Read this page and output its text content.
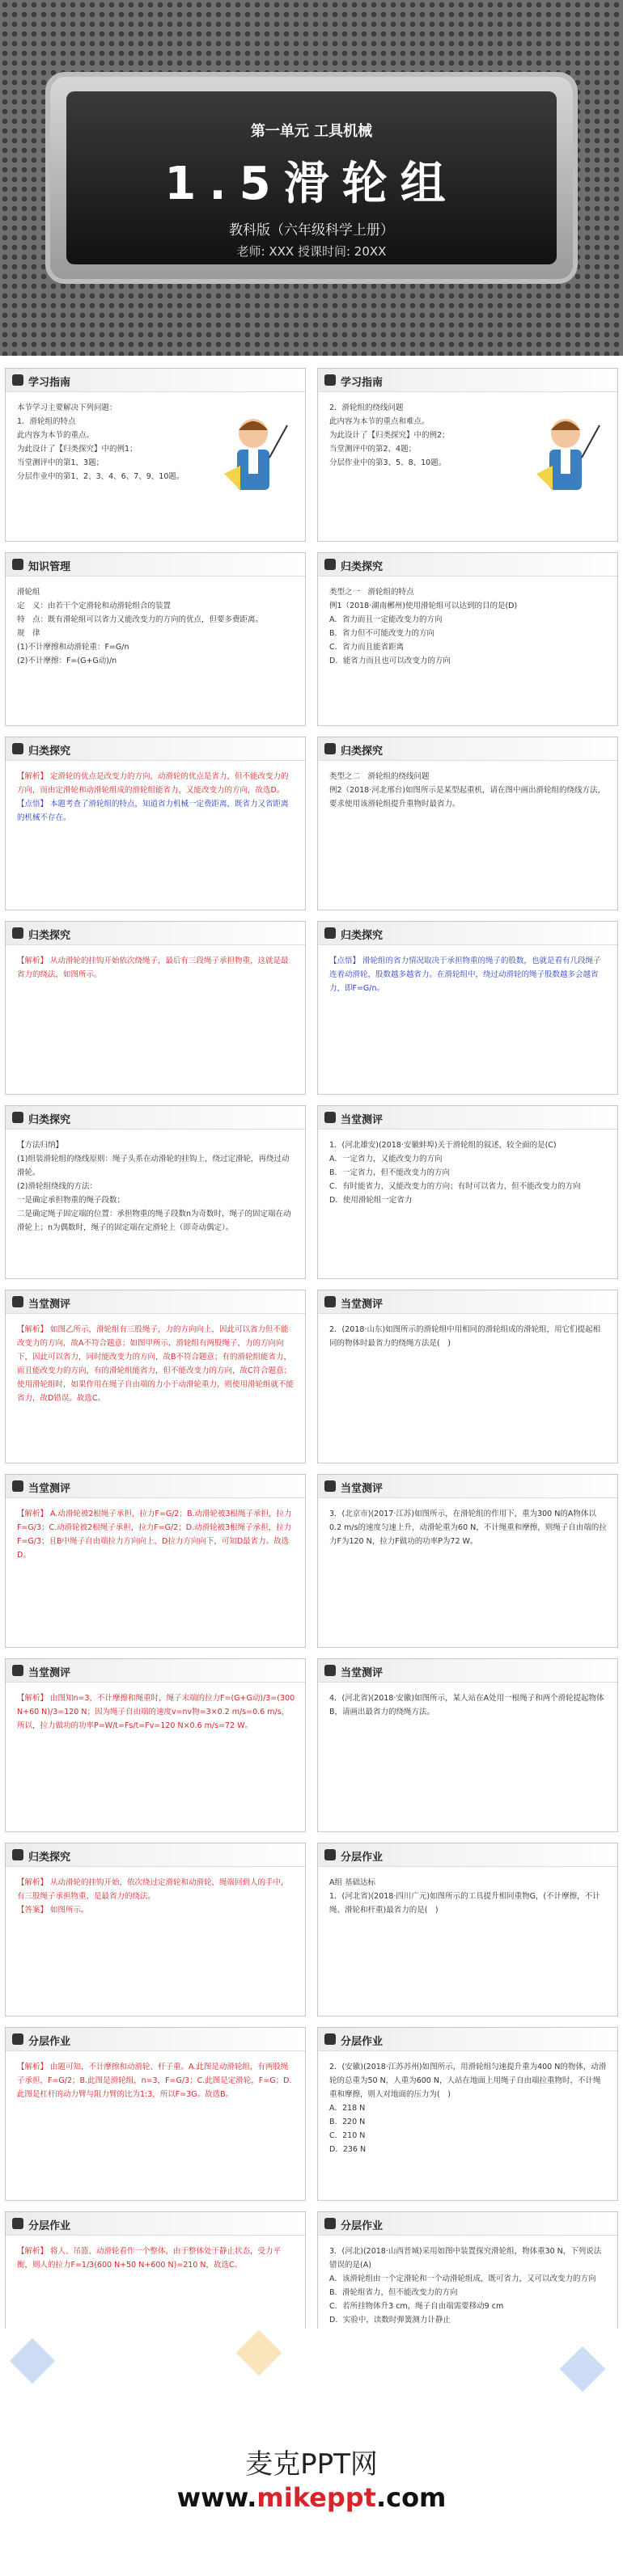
第一单元 工具机械
1.5滑轮组
教科版（六年级科学上册）
老师: XXX 授课时间: 20XX
学习指南
本节学习主要解决下列问题：
1．滑轮组的特点
此内容为本节的重点。
为此设计了【归类探究】中的例1；
当堂测评中的第1、3题；
分层作业中的第1、2、3、4、6、7、9、10题。
学习指南
2．滑轮组的绕线问题
此内容为本节的重点和难点。
为此设计了【归类探究】中的例2；
当堂测评中的第2、4题；
分层作业中的第3、5、8、10题。
知识管理
滑轮组
定　义：由若干个定滑轮和动滑轮组合的装置
特　点：既有滑轮组可以省力又能改变力的方向的优点，但要多费距离。
规　律
(1)不计摩擦和动滑轮重：F=G/n
(2)不计摩擦：F=(G+G动)/n
归类探究
类型之一　滑轮组的特点
例1（2018·湖南郴州)使用滑轮组可以达到的目的是(D)
A．省力而且一定能改变力的方向
B．省力但不可能改变力的方向
C．省力而且能省距离
D．能省力而且也可以改变力的方向
归类探究
【解析】 定滑轮的优点是改变力的方向，动滑轮的优点是省力，但不能改变力的方向，而由定滑轮和动滑轮组成的滑轮组能省力，又能改变力的方向，故选D。
【点悟】 本题考查了滑轮组的特点，知道省力机械一定费距离，既省力又省距离的机械不存在。
归类探究
类型之二　滑轮组的绕线问题
例2（2018·河北邢台)如图所示是某型起重机，请在图中画出滑轮组的绕线方法，要求使用该滑轮组提升重物时最省力。
归类探究
【解析】 从动滑轮的挂钩开始依次绕绳子，最后有三段绳子承担物重，这就是最省力的绕法，如图所示。
归类探究
【点悟】 滑轮组的省力情况取决于承担物重的绳子的股数，也就是看有几段绳子连着动滑轮，股数越多越省力。在滑轮组中，绕过动滑轮的绳子股数越多会越省力，即F=G/n。
归类探究
【方法归纳】
(1)组装滑轮组的绕线原则：绳子头系在动滑轮的挂钩上，绕过定滑轮，再绕过动滑轮。
(2)滑轮组绕线的方法：
一是确定承担物重的绳子段数；
二是确定绳子固定端的位置：承担物重的绳子段数n为奇数时，绳子的固定端在动滑轮上；n为偶数时，绳子的固定端在定滑轮上（即奇动偶定）。
当堂测评
1．(河北雄安)(2018·安徽蚌埠)关于滑轮组的叙述，较全面的是(C)
A．一定省力，又能改变力的方向
B．一定省力，但不能改变力的方向
C．有时能省力，又能改变力的方向；有时可以省力，但不能改变力的方向
D．使用滑轮组一定省力
当堂测评
【解析】 如图乙所示，滑轮组有三股绳子，力的方向向上，因此可以省力但不能改变力的方向，故A不符合题意；如图甲所示，滑轮组有两股绳子，力的方向向下，因此可以省力，同时能改变力的方向，故B不符合题意；有的滑轮组能省力，而且能改变力的方向，有的滑轮组能省力，但不能改变力的方向，故C符合题意；使用滑轮组时，如果作用在绳子自由端的力小于动滑轮重力，则使用滑轮组就不能省力，故D错误。故选C。
当堂测评
2．(2018·山东)如图所示的滑轮组中用相同的滑轮组成的滑轮组，用它们提起相同的物体时最省力的绕绳方法是(　)
当堂测评
【解析】 A.动滑轮被2根绳子承担，拉力F=G/2；B.动滑轮被3根绳子承担，拉力F=G/3；C.动滑轮被2根绳子承担，拉力F=G/2；D.动滑轮被3根绳子承担，拉力F=G/3；且B中绳子自由端拉力方向向上，D拉力方向向下，可知D最省力。故选D。
当堂测评
3．(北京市)(2017·江苏)如图所示，在滑轮组的作用下，重为300 N的A物体以0.2 m/s的速度匀速上升，动滑轮重为60 N，不计绳重和摩擦，则绳子自由端的拉力F为120 N，拉力F做功的功率P为72 W。
当堂测评
【解析】 由图知n=3，不计摩擦和绳重时，绳子末端的拉力F=(G+G动)/3=(300 N+60 N)/3=120 N；因为绳子自由端的速度v=nv物=3×0.2 m/s=0.6 m/s，所以，拉力做功的功率P=W/t=Fs/t=Fv=120 N×0.6 m/s=72 W。
当堂测评
4．(河北省)(2018·安徽)如图所示，某人站在A处用一根绳子和两个滑轮提起物体B，请画出最省力的绕绳方法。
归类探究
【解析】 从动滑轮的挂钩开始，依次绕过定滑轮和动滑轮，绳端回到人的手中，有三股绳子承担物重，是最省力的绕法。
【答案】 如图所示。
分层作业
A组 基础达标
1．(河北省)(2018·四川广元)如图所示的工具提升相同重物G，(不计摩擦，不计绳、滑轮和杆重)最省力的是(　)
分层作业
【解析】 由题可知，不计摩擦和动滑轮、杆子重。A.此图是动滑轮组，有两股绳子承担，F=G/2；B.此图是滑轮组，n=3，F=G/3；C.此图是定滑轮，F=G；D.此图是杠杆的动力臂与阻力臂的比为1:3，所以F=3G。故选B。
分层作业
2．(安徽)(2018·江苏苏州)如图所示，用滑轮组匀速提升重为400 N的物体，动滑轮的总重为50 N，人重为600 N，人站在地面上用绳子自由端拉重物时，不计绳重和摩擦，则人对地面的压力为(　)
A．218 N
B．220 N
C．210 N
D．236 N
分层作业
【解析】 将人、吊篮、动滑轮看作一个整体，由于整体处于静止状态，受力平衡，则人的拉力F=1/3(600 N+50 N+600 N)=210 N，故选C。
分层作业
3．(河北)(2018·山西晋城)采用如图中装置探究滑轮组，物体重30 N，下列说法错误的是(A)
A．该滑轮组由一个定滑轮和一个动滑轮组成，既可省力，又可以改变力的方向
B．滑轮组省力，但不能改变力的方向
C．若所挂物体升3 cm，绳子自由端需要移动9 cm
D．实验中，读数时弹簧测力计静止
麦克PPT网
www.mikeppt.com
